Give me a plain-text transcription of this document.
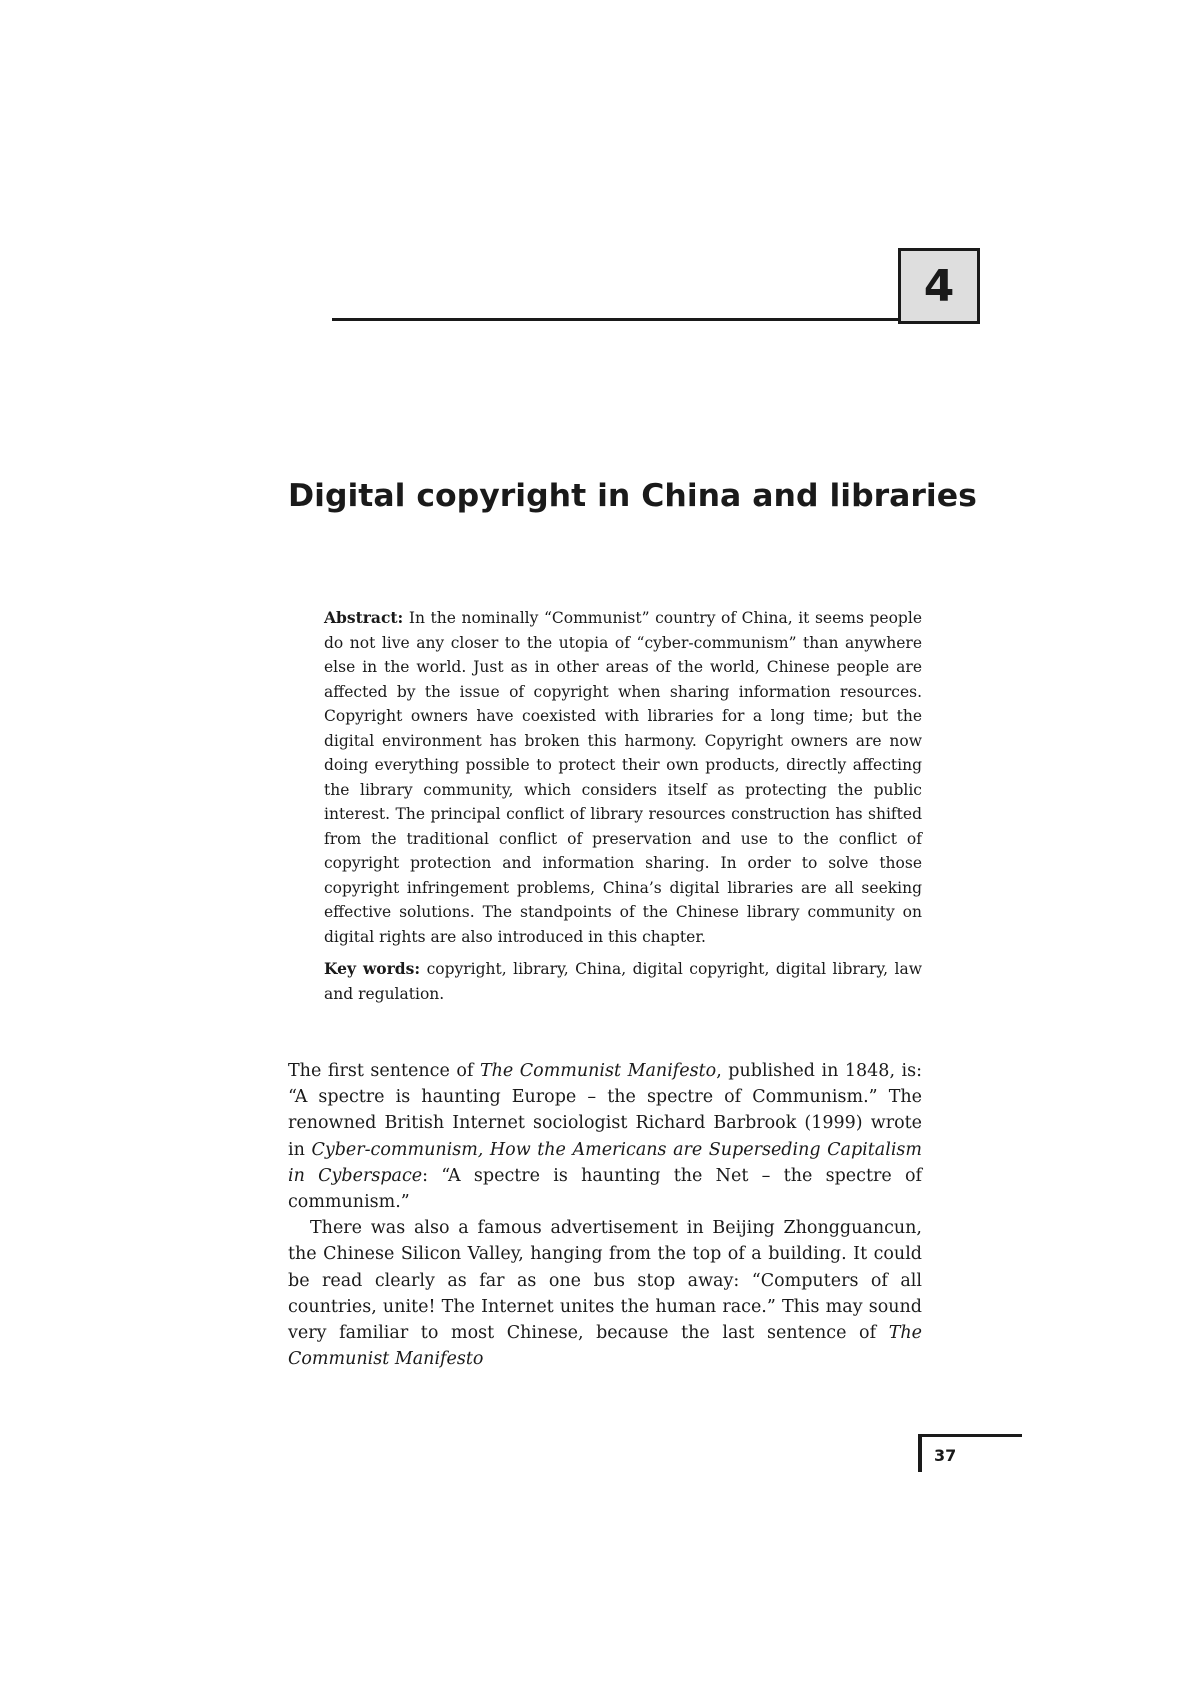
4
Digital copyright in China and libraries

Abstract: In the nominally “Communist” country of China, it seems people do not live any closer to the utopia of “cyber-communism” than anywhere else in the world. Just as in other areas of the world, Chinese people are affected by the issue of copyright when sharing information resources. Copyright owners have coexisted with libraries for a long time; but the digital environment has broken this harmony. Copyright owners are now doing everything possible to protect their own products, directly affecting the library community, which considers itself as protecting the public interest. The principal conflict of library resources construction has shifted from the traditional conflict of preservation and use to the conflict of copyright protection and information sharing. In order to solve those copyright infringement problems, China’s digital libraries are all seeking effective solutions. The standpoints of the Chinese library community on digital rights are also introduced in this chapter.

Key words: copyright, library, China, digital copyright, digital library, law and regulation.

The first sentence of The Communist Manifesto, published in 1848, is: “A spectre is haunting Europe – the spectre of Communism.” The renowned British Internet sociologist Richard Barbrook (1999) wrote in Cyber-communism, How the Americans are Superseding Capitalism in Cyberspace: “A spectre is haunting the Net – the spectre of communism.”

There was also a famous advertisement in Beijing Zhongguancun, the Chinese Silicon Valley, hanging from the top of a building. It could be read clearly as far as one bus stop away: “Computers of all countries, unite! The Internet unites the human race.” This may sound very familiar to most Chinese, because the last sentence of The Communist Manifesto

37
